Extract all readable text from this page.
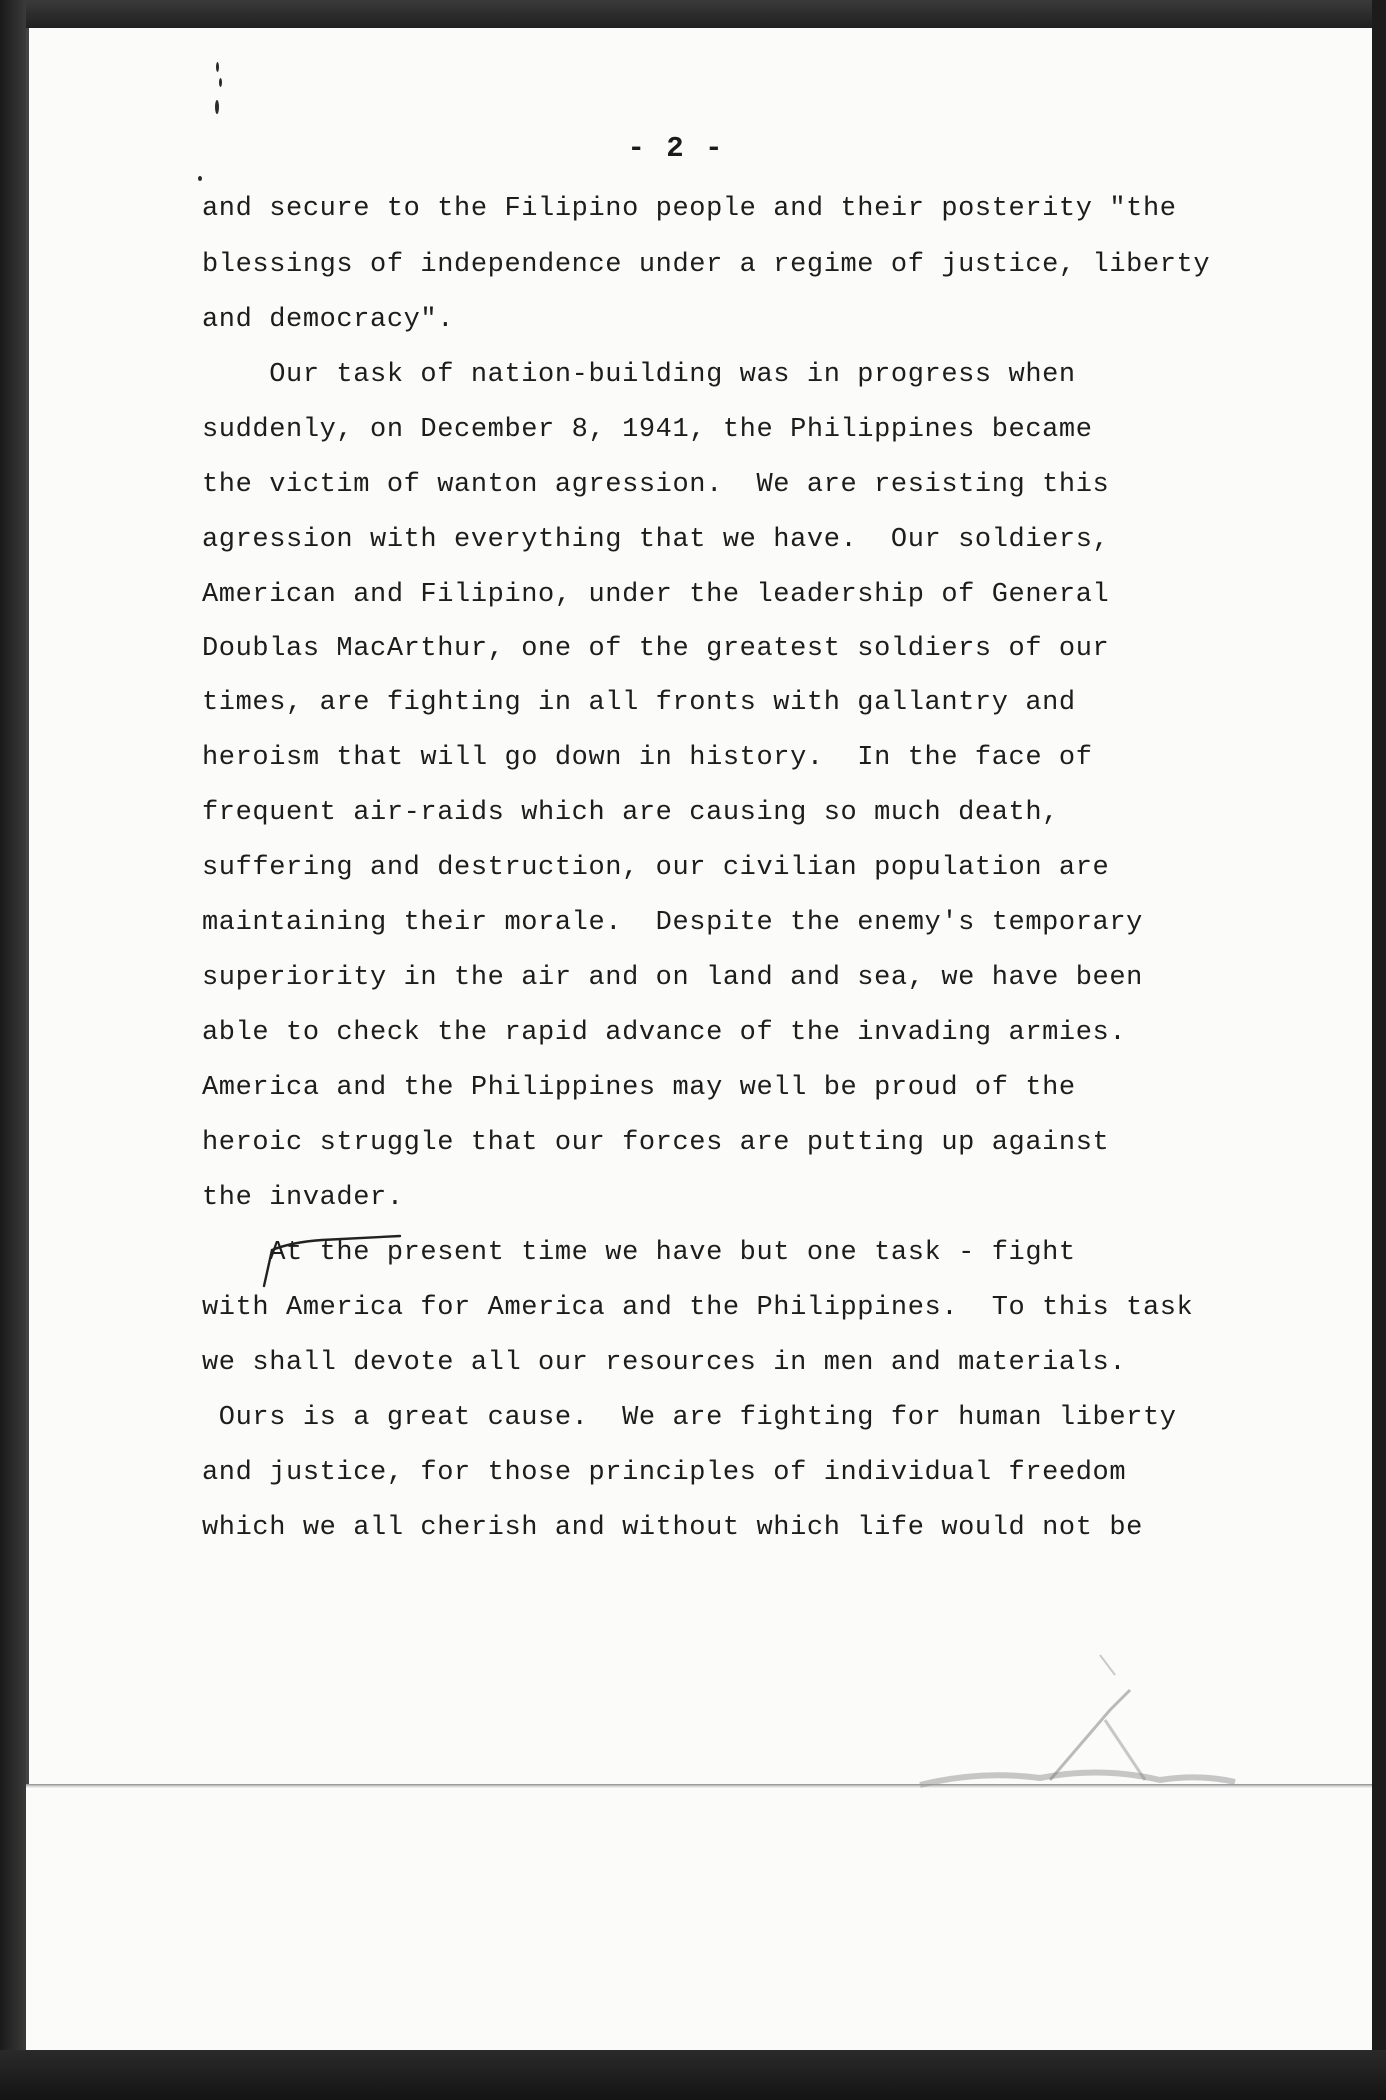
- 2 -
and secure to the Filipino people and their posterity "the
blessings of independence under a regime of justice, liberty
and democracy".
Our task of nation-building was in progress when
suddenly, on December 8, 1941, the Philippines became
the victim of wanton agression.  We are resisting this
agression with everything that we have.  Our soldiers,
American and Filipino, under the leadership of General
Doublas MacArthur, one of the greatest soldiers of our
times, are fighting in all fronts with gallantry and
heroism that will go down in history.  In the face of
frequent air-raids which are causing so much death,
suffering and destruction, our civilian population are
maintaining their morale.  Despite the enemy's temporary
superiority in the air and on land and sea, we have been
able to check the rapid advance of the invading armies.
America and the Philippines may well be proud of the
heroic struggle that our forces are putting up against
the invader.
At the present time we have but one task - fight
with America for America and the Philippines.  To this task
we shall devote all our resources in men and materials.
Ours is a great cause.  We are fighting for human liberty
and justice, for those principles of individual freedom
which we all cherish and without which life would not be
